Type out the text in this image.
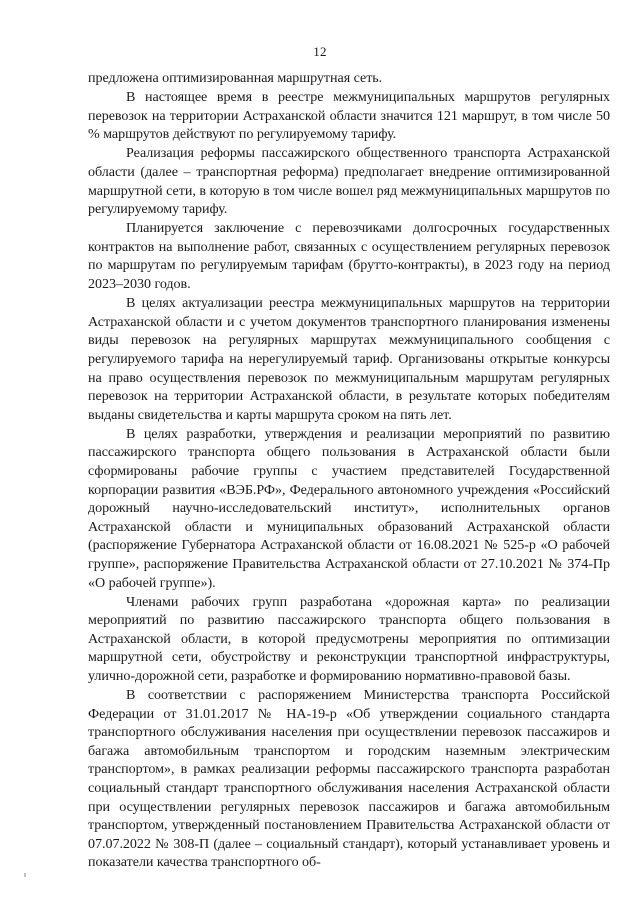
12

предложена оптимизированная маршрутная сеть.

В настоящее время в реестре межмуниципальных маршрутов регулярных перевозок на территории Астраханской области значится 121 маршрут, в том числе 50 % маршрутов действуют по регулируемому тарифу.

Реализация реформы пассажирского общественного транспорта Астраханской области (далее – транспортная реформа) предполагает внедрение оптимизированной маршрутной сети, в которую в том числе вошел ряд межмуниципальных маршрутов по регулируемому тарифу.

Планируется заключение с перевозчиками долгосрочных государственных контрактов на выполнение работ, связанных с осуществлением регулярных перевозок по маршрутам по регулируемым тарифам (брутто-контракты), в 2023 году на период 2023–2030 годов.

В целях актуализации реестра межмуниципальных маршрутов на территории Астраханской области и с учетом документов транспортного планирования изменены виды перевозок на регулярных маршрутах межмуниципального сообщения с регулируемого тарифа на нерегулируемый тариф. Организованы открытые конкурсы на право осуществления перевозок по межмуниципальным маршрутам регулярных перевозок на территории Астраханской области, в результате которых победителям выданы свидетельства и карты маршрута сроком на пять лет.

В целях разработки, утверждения и реализации мероприятий по развитию пассажирского транспорта общего пользования в Астраханской области были сформированы рабочие группы с участием представителей Государственной корпорации развития «ВЭБ.РФ», Федерального автономного учреждения «Российский дорожный научно-исследовательский институт», исполнительных органов Астраханской области и муниципальных образований Астраханской области (распоряжение Губернатора Астраханской области от 16.08.2021 № 525-р «О рабочей группе», распоряжение Правительства Астраханской области от 27.10.2021 № 374-Пр «О рабочей группе»).

Членами рабочих групп разработана «дорожная карта» по реализации мероприятий по развитию пассажирского транспорта общего пользования в Астраханской области, в которой предусмотрены мероприятия по оптимизации маршрутной сети, обустройству и реконструкции транспортной инфраструктуры, улично-дорожной сети, разработке и формированию нормативно-правовой базы.

В соответствии с распоряжением Министерства транспорта Российской Федерации от 31.01.2017 № НА-19-р «Об утверждении социального стандарта транспортного обслуживания населения при осуществлении перевозок пассажиров и багажа автомобильным транспортом и городским наземным электрическим транспортом», в рамках реализации реформы пассажирского транспорта разработан социальный стандарт транспортного обслуживания населения Астраханской области при осуществлении регулярных перевозок пассажиров и багажа автомобильным транспортом, утвержденный постановлением Правительства Астраханской области от 07.07.2022 № 308-П (далее – социальный стандарт), который устанавливает уровень и показатели качества транспортного об-
